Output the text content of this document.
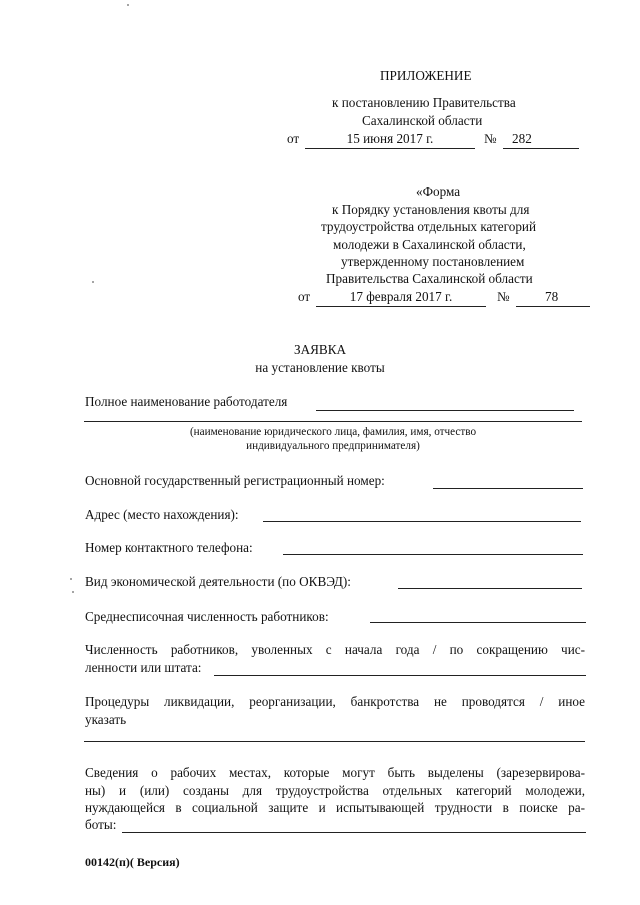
ПРИЛОЖЕНИЕ
к постановлению Правительства
Сахалинской области
от	15 июня 2017 г.	№ 282
«Форма
к Порядку установления квоты для
трудоустройства отдельных категорий
молодежи в Сахалинской области,
утвержденному постановлением
Правительства Сахалинской области
от	17 февраля 2017 г.	№	78
ЗАЯВКА
на установление квоты
Полное наименование работодателя
(наименование юридического лица, фамилия, имя, отчество
индивидуального предпринимателя)
Основной государственный регистрационный номер:
Адрес (место нахождения):
Номер контактного телефона:
Вид экономической деятельности (по ОКВЭД):
Среднесписочная численность работников:
Численность работников, уволенных с начала года / по сокращению чис-
ленности или штата:
Процедуры ликвидации, реорганизации, банкротства не проводятся / иное
указать
Сведения о рабочих местах, которые могут быть выделены (зарезервирова-
ны) и (или) созданы для трудоустройства отдельных категорий молодежи,
нуждающейся в социальной защите и испытывающей трудности в поиске ра-
боты:
00142(п)( Версия)
